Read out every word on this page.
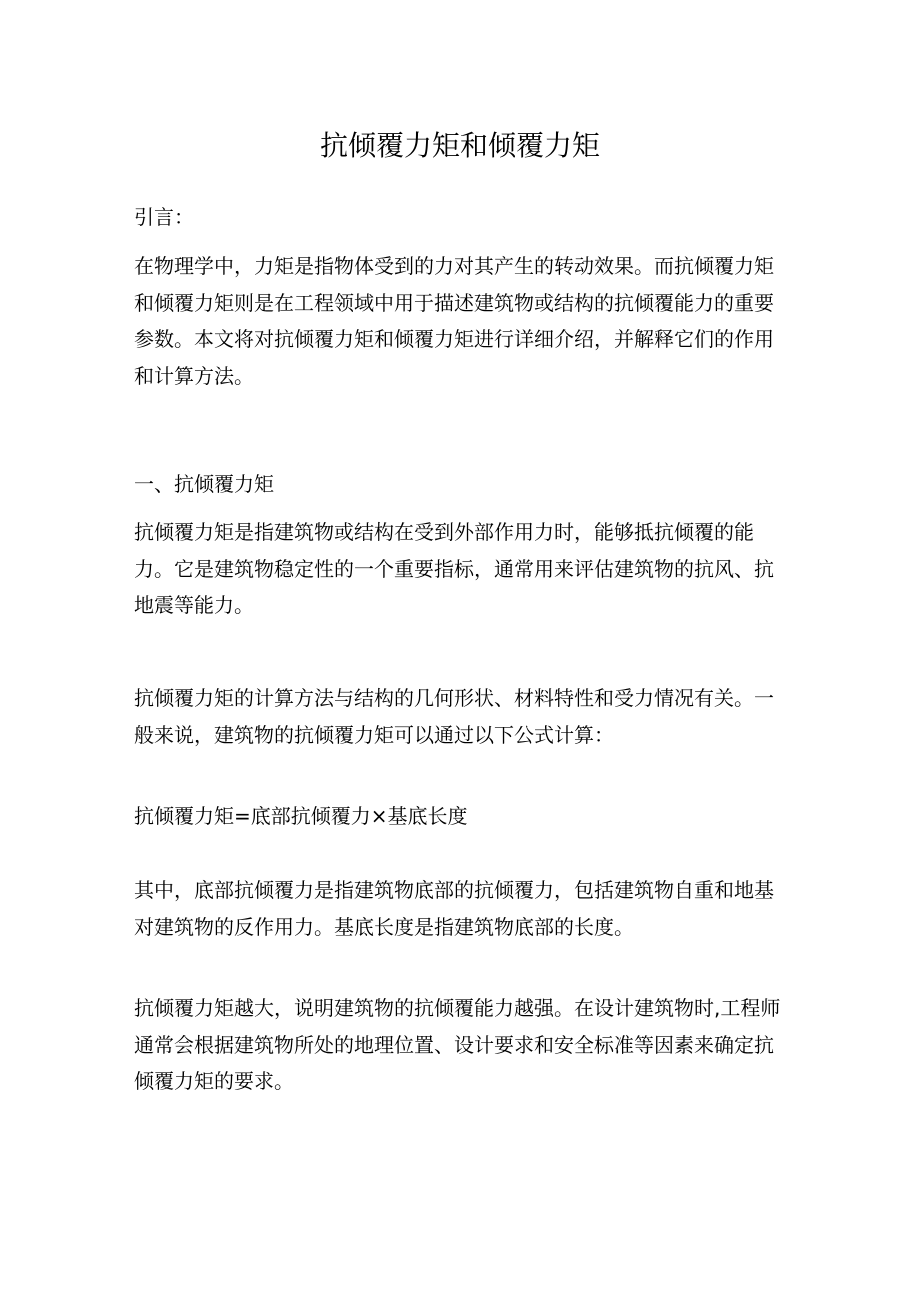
抗倾覆力矩和倾覆力矩

引言：

在物理学中，力矩是指物体受到的力对其产生的转动效果。而抗倾覆力矩和倾覆力矩则是在工程领域中用于描述建筑物或结构的抗倾覆能力的重要参数。本文将对抗倾覆力矩和倾覆力矩进行详细介绍，并解释它们的作用和计算方法。

一、抗倾覆力矩

抗倾覆力矩是指建筑物或结构在受到外部作用力时，能够抵抗倾覆的能力。它是建筑物稳定性的一个重要指标，通常用来评估建筑物的抗风、抗地震等能力。

抗倾覆力矩的计算方法与结构的几何形状、材料特性和受力情况有关。一般来说，建筑物的抗倾覆力矩可以通过以下公式计算：

抗倾覆力矩=底部抗倾覆力×基底长度

其中，底部抗倾覆力是指建筑物底部的抗倾覆力，包括建筑物自重和地基对建筑物的反作用力。基底长度是指建筑物底部的长度。

抗倾覆力矩越大，说明建筑物的抗倾覆能力越强。在设计建筑物时,工程师通常会根据建筑物所处的地理位置、设计要求和安全标准等因素来确定抗倾覆力矩的要求。
